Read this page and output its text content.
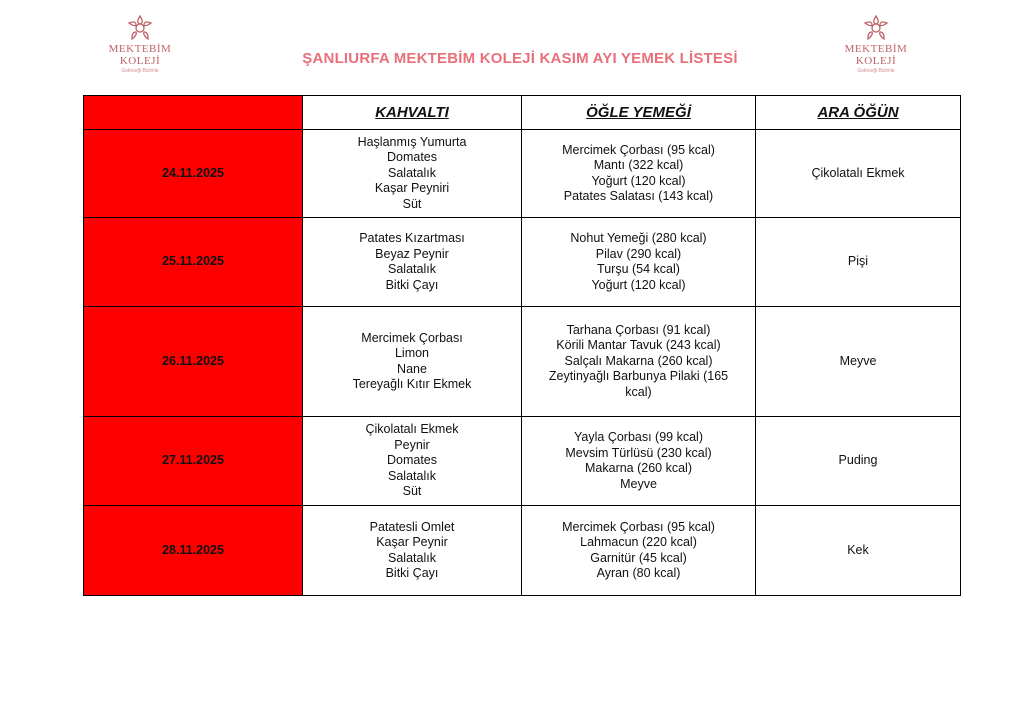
MEKTEBİM
KOLEJİ
Geleceği Bizimle
ŞANLIURFA MEKTEBİM KOLEJİ KASIM AYI YEMEK LİSTESİ
MEKTEBİM
KOLEJİ
Geleceği Bizimle
	KAHVALTI	ÖĞLE YEMEĞİ	ARA ÖĞÜN
24.11.2025	Haşlanmış Yumurta
Domates
Salatalık
Kaşar Peyniri
Süt	Mercimek Çorbası (95 kcal)
Mantı (322 kcal)
Yoğurt (120 kcal)
Patates Salatası (143 kcal)	Çikolatalı Ekmek

25.11.2025	Patates Kızartması
Beyaz Peynir
Salatalık
Bitki Çayı	Nohut Yemeği (280 kcal)
Pilav (290 kcal)
Turşu (54 kcal)
Yoğurt (120 kcal)	Pişi

26.11.2025	Mercimek Çorbası
Limon
Nane
Tereyağlı Kıtır Ekmek	Tarhana Çorbası (91 kcal)
Körili Mantar Tavuk (243 kcal)
Salçalı Makarna (260 kcal)
Zeytinyağlı Barbunya Pilaki (165
kcal)	Meyve

27.11.2025	Çikolatalı Ekmek
Peynir
Domates
Salatalık
Süt	Yayla Çorbası (99 kcal)
Mevsim Türlüsü (230 kcal)
Makarna (260 kcal)
Meyve	Puding

28.11.2025	Patatesli Omlet
Kaşar Peynir
Salatalık
Bitki Çayı	Mercimek Çorbası (95 kcal)
Lahmacun (220 kcal)
Garnitür (45 kcal)
Ayran (80 kcal)	Kek
